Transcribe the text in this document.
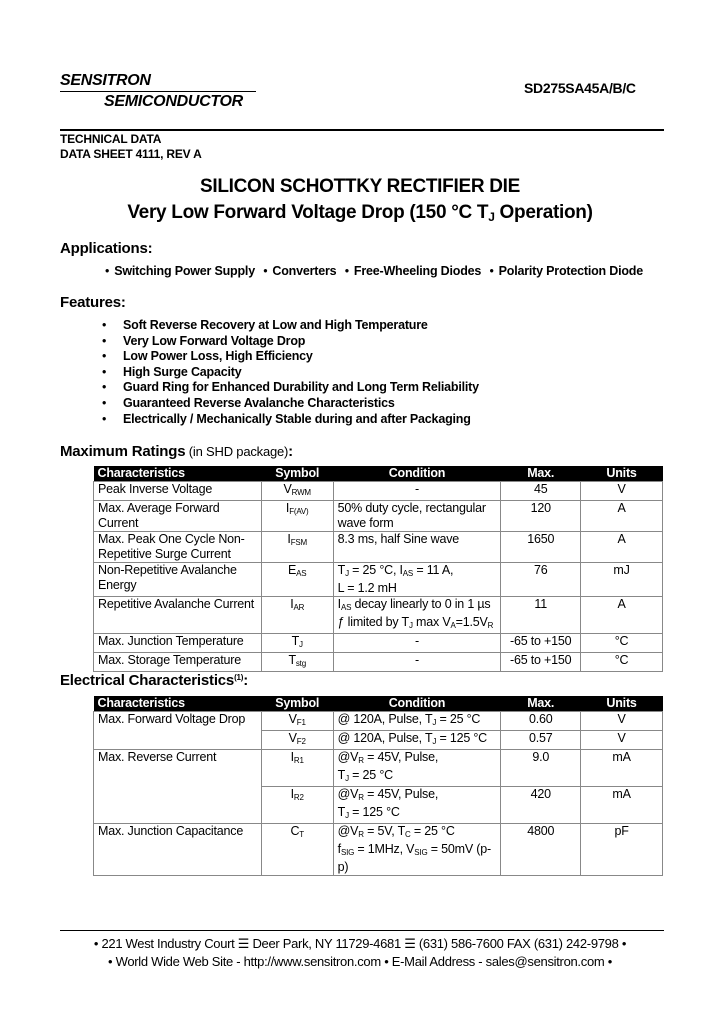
SENSITRON
SEMICONDUCTOR
SD275SA45A/B/C
TECHNICAL DATA
DATA SHEET 4111, REV A
SILICON SCHOTTKY RECTIFIER DIE
Very Low Forward Voltage Drop (150 °C $T_J$ Operation)
Applications:
• Switching Power Supply • Converters • Free-Wheeling Diodes • Polarity Protection Diode
Features:
• Soft Reverse Recovery at Low and High Temperature
• Very Low Forward Voltage Drop
• Low Power Loss, High Efficiency
• High Surge Capacity
• Guard Ring for Enhanced Durability and Long Term Reliability
• Guaranteed Reverse Avalanche Characteristics
• Electrically / Mechanically Stable during and after Packaging
Maximum Ratings (in SHD package):
Characteristics	Symbol	Condition	Max.	Units
Peak Inverse Voltage	$V_{RWM}$	-	45	V
Max. Average Forward Current	$I_{F(AV)}$	50% duty cycle, rectangular wave form	120	A
Max. Peak One Cycle Non-Repetitive Surge Current	$I_{FSM}$	8.3 ms, half Sine wave	1650	A
Non-Repetitive Avalanche Energy	$E_{AS}$	$T_J = 25$ °C, $I_{AS} = 11$ A,
L = 1.2 mH	76	mJ
Repetitive Avalanche Current	$I_{AR}$	$I_{AS}$ decay linearly to 0 in 1 µs
ƒ limited by $T_J$ $\max V_A=1.5V_R$	11	A
Max. Junction Temperature	$T_J$	-	-65 to +150	°C
Max. Storage Temperature	$T_{stg}$	-	-65 to +150	°C
Electrical Characteristics$^{(1)}$:
Characteristics	Symbol	Condition	Max.	Units
Max. Forward Voltage Drop	$V_{F1}$	@ 120A, Pulse, $T_J = 25$ °C	0.60	V
	$V_{F2}$	@ 120A, Pulse, $T_J = 125$ °C	0.57	V
Max. Reverse Current	$I_{R1}$	$@V_R = 45V$, Pulse,
$T_J = 25$ °C	9.0	mA
	$I_{R2}$	$@V_R = 45V$, Pulse,
$T_J = 125$ °C	420	mA
Max. Junction Capacitance	$C_T$	$@V_R = 5V$, $T_C = 25$ °C
$f_{SIG} = 1MHz$, $V_{SIG} = 50mV$ (p-p)	4800	pF
• 221 West Industry Court ☰ Deer Park, NY 11729-4681 ☰ (631) 586-7600 FAX (631) 242-9798 •
• World Wide Web Site - http://www.sensitron.com • E-Mail Address - sales@sensitron.com •
